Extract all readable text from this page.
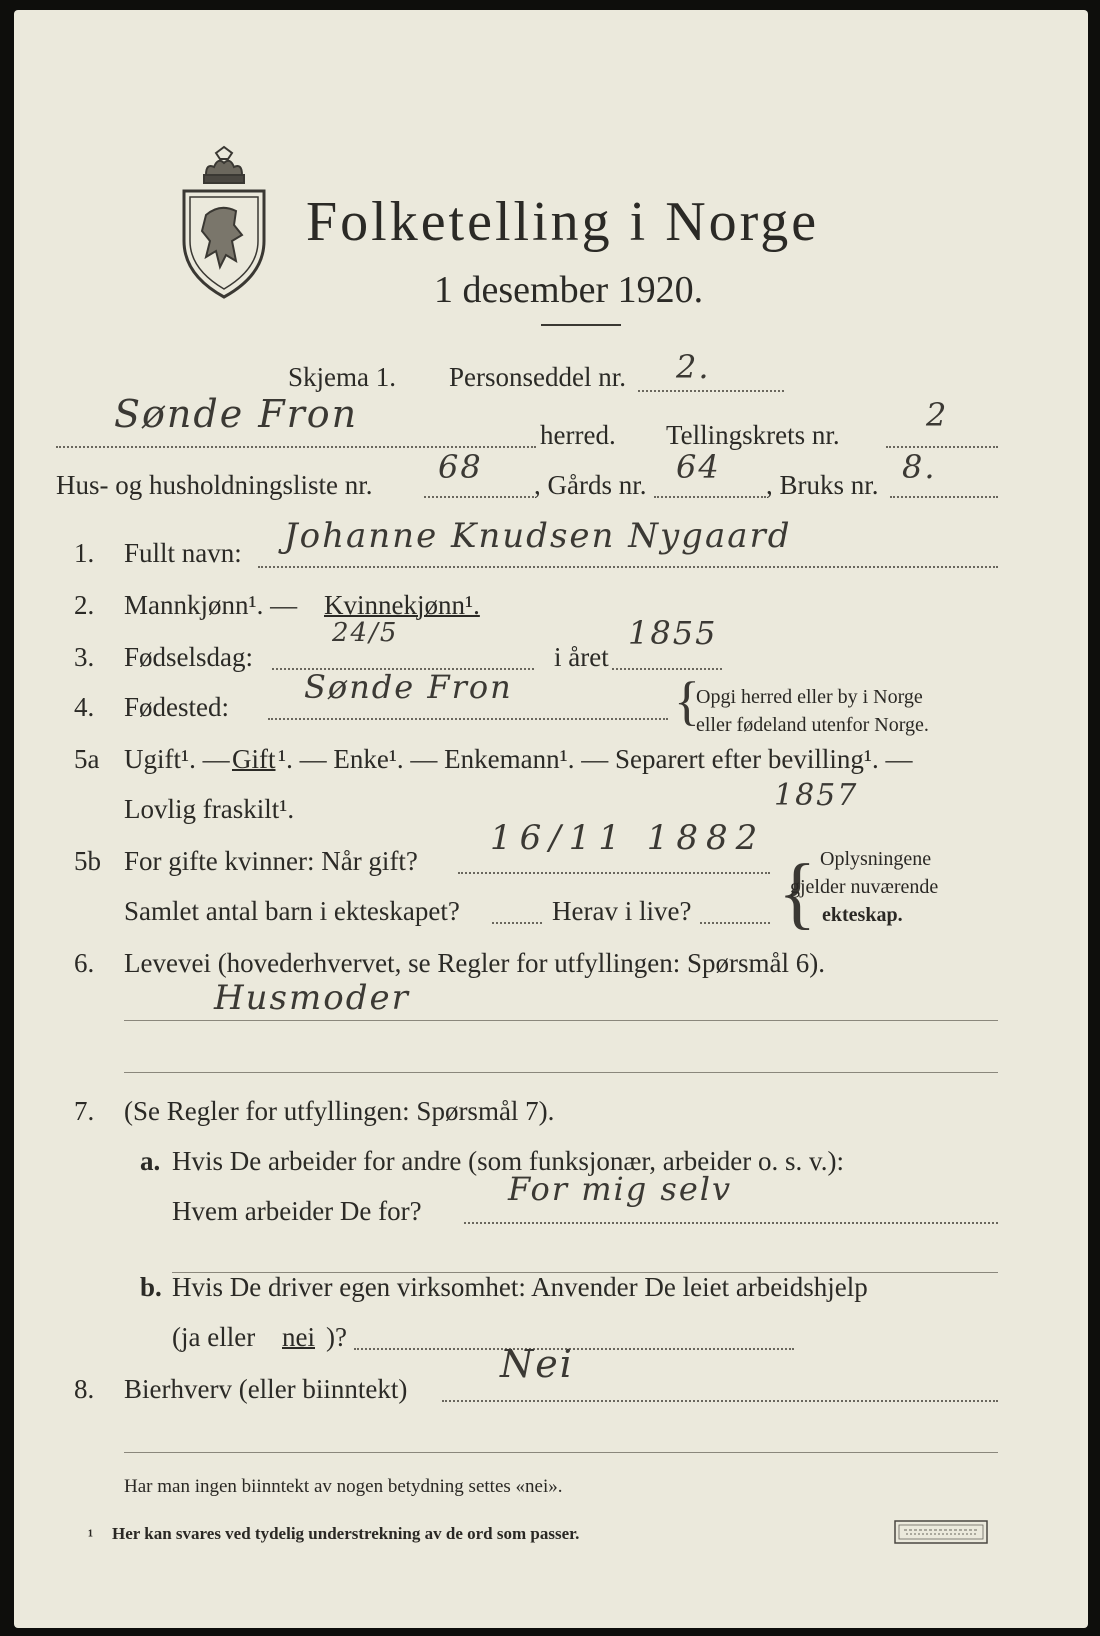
Folketelling i Norge
1 desember 1920.
Skjema 1. Personseddel nr. 2.
Sønde Fron	herred. Tellingskrets nr.
2
Hus- og husholdningsliste nr. 68 , Gårds nr. 64 , Bruks nr. 8.
1. Fullt navn: Johanne Knudsen Nygaard
2. Mannkjønn¹. — Kvinnekjønn¹.
3. Fødselsdag:
24/5
i året
1855
4. Fødested:
Sønde Fron	{
Opgi herred eller by i Norge
eller fødeland utenfor Norge.
5a Ugift¹. — Gift ¹. — Enke¹. — Enkemann¹. — Separert efter bevilling¹. —
Lovlig fraskilt¹.	1857
5b For gifte kvinner: Når gift?
16/11 1882
Samlet antal barn i ekteskapet?	Herav i live? { Oplysningene
gjelder nuværende
ekteskap.
6. Levevei (hovederhvervet, se Regler for utfyllingen: Spørsmål 6).
Husmoder
7. (Se Regler for utfyllingen: Spørsmål 7).
a. Hvis De arbeider for andre (som funksjonær, arbeider o. s. v.):
Hvem arbeider De for?
For mig selv
b. Hvis De driver egen virksomhet: Anvender De leiet arbeidshjelp
(ja eller nei )?
8. Bierhverv (eller biinntekt)
Nei
Har man ingen biinntekt av nogen betydning settes «nei».
¹ Her kan svares ved tydelig understrekning av de ord som passer.
